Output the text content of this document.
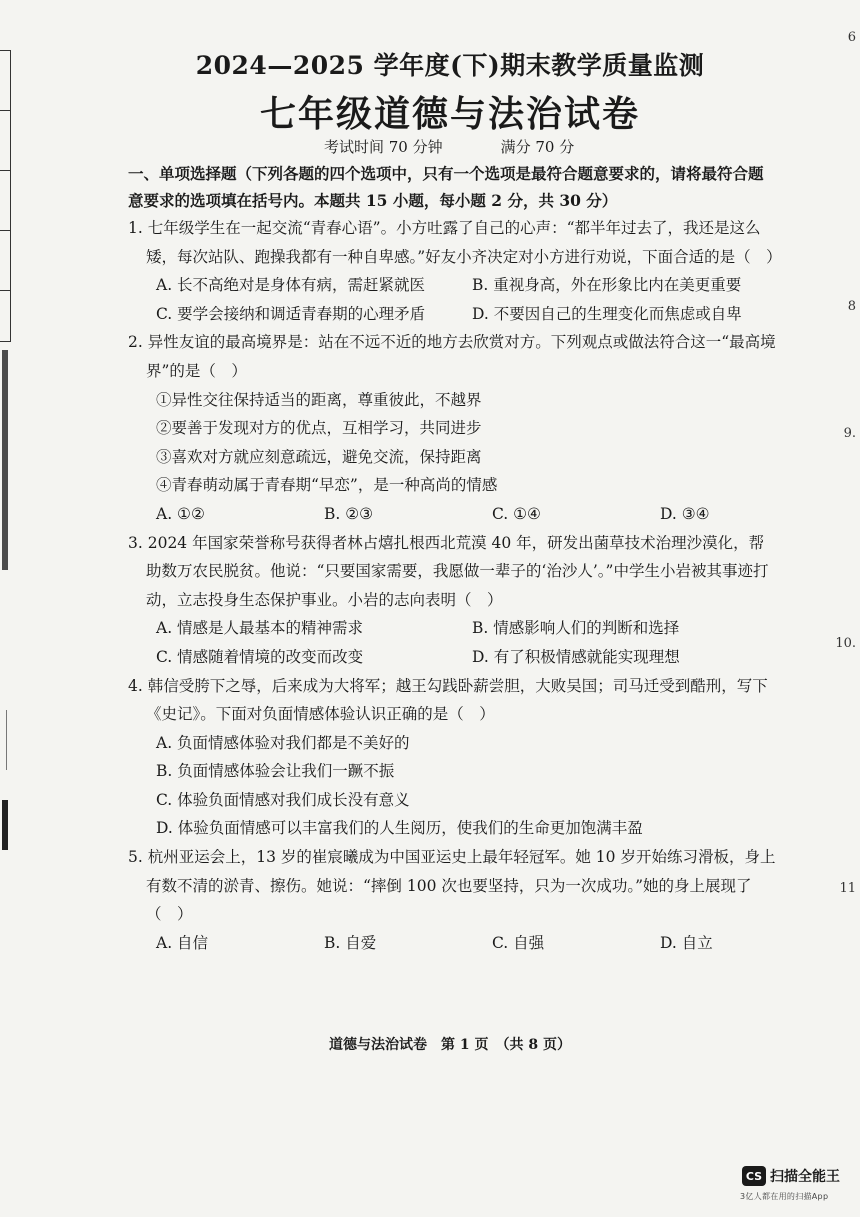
6
8
9.
10.
11
2024—2025 学年度(下)期末教学质量监测
七年级道德与法治试卷
考试时间 70 分钟	满分 70 分
一、单项选择题（下列各题的四个选项中，只有一个选项是最符合题意要求的，请将最符合题意要求的选项填在括号内。本题共 15 小题，每小题 2 分，共 30 分）

1. 七年级学生在一起交流“青春心语”。小方吐露了自己的心声：“都半年过去了，我还是这么矮，每次站队、跑操我都有一种自卑感。”好友小齐决定对小方进行劝说，下面合适的是（　）

A. 长不高绝对是身体有病，需赶紧就医	B. 重视身高，外在形象比内在美更重要
C. 要学会接纳和调适青春期的心理矛盾	D. 不要因自己的生理变化而焦虑或自卑

2. 异性友谊的最高境界是：站在不远不近的地方去欣赏对方。下列观点或做法符合这一“最高境界”的是（　）

①异性交往保持适当的距离，尊重彼此，不越界
②要善于发现对方的优点，互相学习，共同进步
③喜欢对方就应刻意疏远，避免交流，保持距离
④青春萌动属于青春期“早恋”，是一种高尚的情感
A. ①②	B. ②③	C. ①④	D. ③④

3. 2024 年国家荣誉称号获得者林占熺扎根西北荒漠 40 年，研发出菌草技术治理沙漠化，帮助数万农民脱贫。他说：“只要国家需要，我愿做一辈子的‘治沙人’。”中学生小岩被其事迹打动，立志投身生态保护事业。小岩的志向表明（　）

A. 情感是人最基本的精神需求	B. 情感影响人们的判断和选择
C. 情感随着情境的改变而改变	D. 有了积极情感就能实现理想

4. 韩信受胯下之辱，后来成为大将军；越王勾践卧薪尝胆，大败吴国；司马迁受到酷刑，写下《史记》。下面对负面情感体验认识正确的是（　）

A. 负面情感体验对我们都是不美好的
B. 负面情感体验会让我们一蹶不振
C. 体验负面情感对我们成长没有意义
D. 体验负面情感可以丰富我们的人生阅历，使我们的生命更加饱满丰盈

5. 杭州亚运会上，13 岁的崔宸曦成为中国亚运史上最年轻冠军。她 10 岁开始练习滑板，身上有数不清的淤青、擦伤。她说：“摔倒 100 次也要坚持，只为一次成功。”她的身上展现了（　）

A. 自信	B. 自爱	C. 自强	D. 自立
道德与法治试卷　第 1 页　（共 8 页）
CS 扫描全能王
3亿人都在用的扫描App
